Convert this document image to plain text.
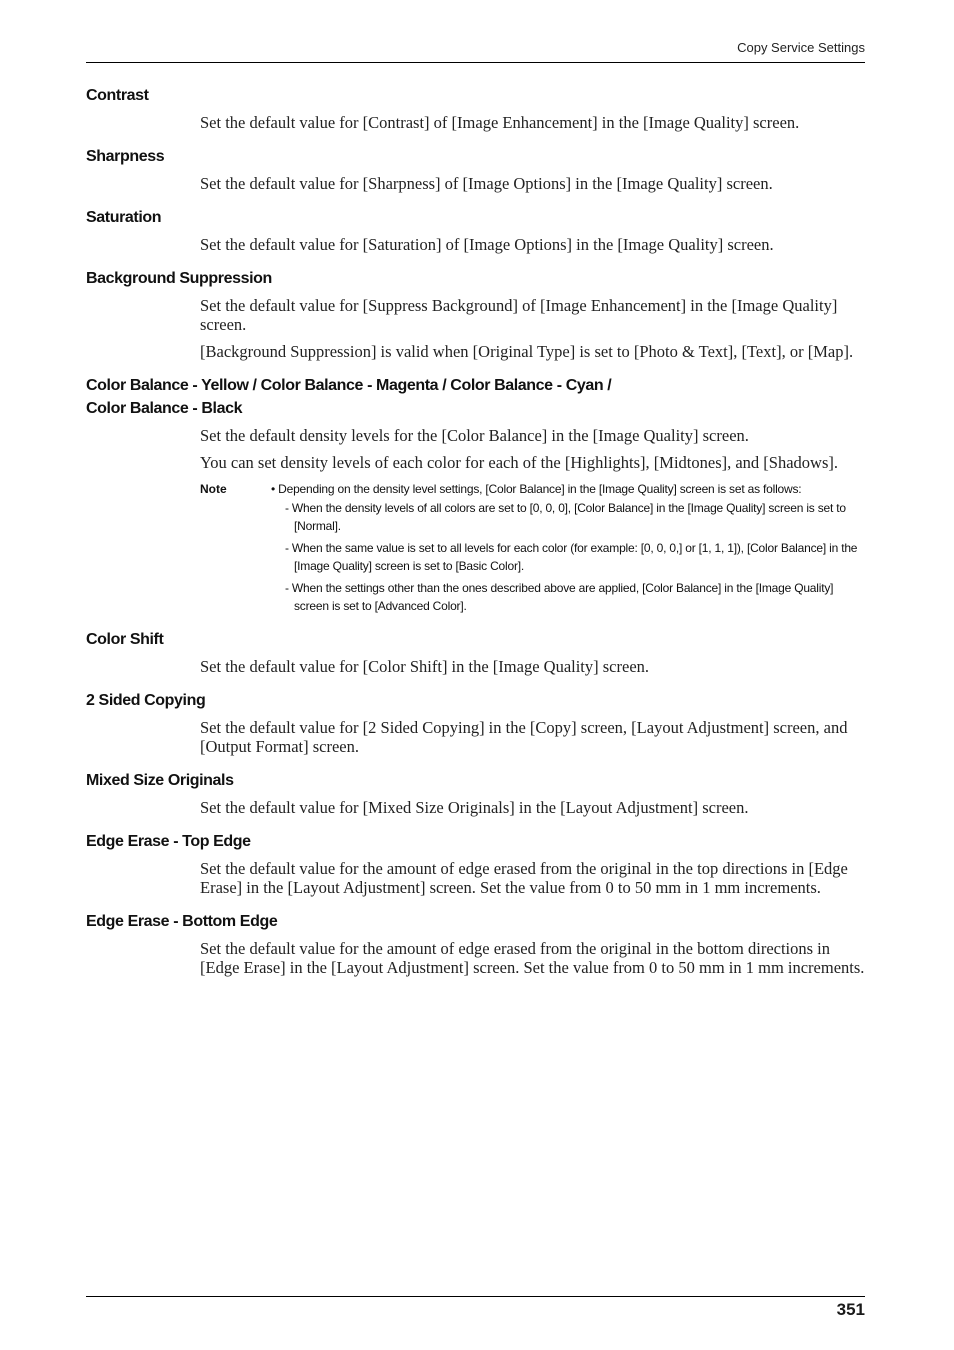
Copy Service Settings
Contrast

Set the default value for [Contrast] of [Image Enhancement] in the [Image Quality] screen.

Sharpness

Set the default value for [Sharpness] of [Image Options] in the [Image Quality] screen.

Saturation

Set the default value for [Saturation] of [Image Options] in the [Image Quality] screen.

Background Suppression

Set the default value for [Suppress Background] of [Image Enhancement] in the [Image Quality] screen.

[Background Suppression] is valid when [Original Type] is set to [Photo & Text], [Text], or [Map].

Color Balance - Yellow / Color Balance - Magenta / Color Balance - Cyan /
Color Balance - Black

Set the default density levels for the [Color Balance] in the [Image Quality] screen.

You can set density levels of each color for each of the [Highlights], [Midtones], and [Shadows].

Note	• Depending on the density level settings, [Color Balance] in the [Image Quality] screen is set as follows:
- When the density levels of all colors are set to [0, 0, 0], [Color Balance] in the [Image Quality] screen is set to [Normal].
- When the same value is set to all levels for each color (for example: [0, 0, 0,] or [1, 1, 1]), [Color Balance] in the [Image Quality] screen is set to [Basic Color].
- When the settings other than the ones described above are applied, [Color Balance] in the [Image Quality] screen is set to [Advanced Color].
Color Shift

Set the default value for [Color Shift] in the [Image Quality] screen.

2 Sided Copying

Set the default value for [2 Sided Copying] in the [Copy] screen, [Layout Adjustment] screen, and [Output Format] screen.

Mixed Size Originals

Set the default value for [Mixed Size Originals] in the [Layout Adjustment] screen.

Edge Erase - Top Edge

Set the default value for the amount of edge erased from the original in the top directions in [Edge Erase] in the [Layout Adjustment] screen. Set the value from 0 to 50 mm in 1 mm increments.

Edge Erase - Bottom Edge

Set the default value for the amount of edge erased from the original in the bottom directions in [Edge Erase] in the [Layout Adjustment] screen. Set the value from 0 to 50 mm in 1 mm increments.

351
